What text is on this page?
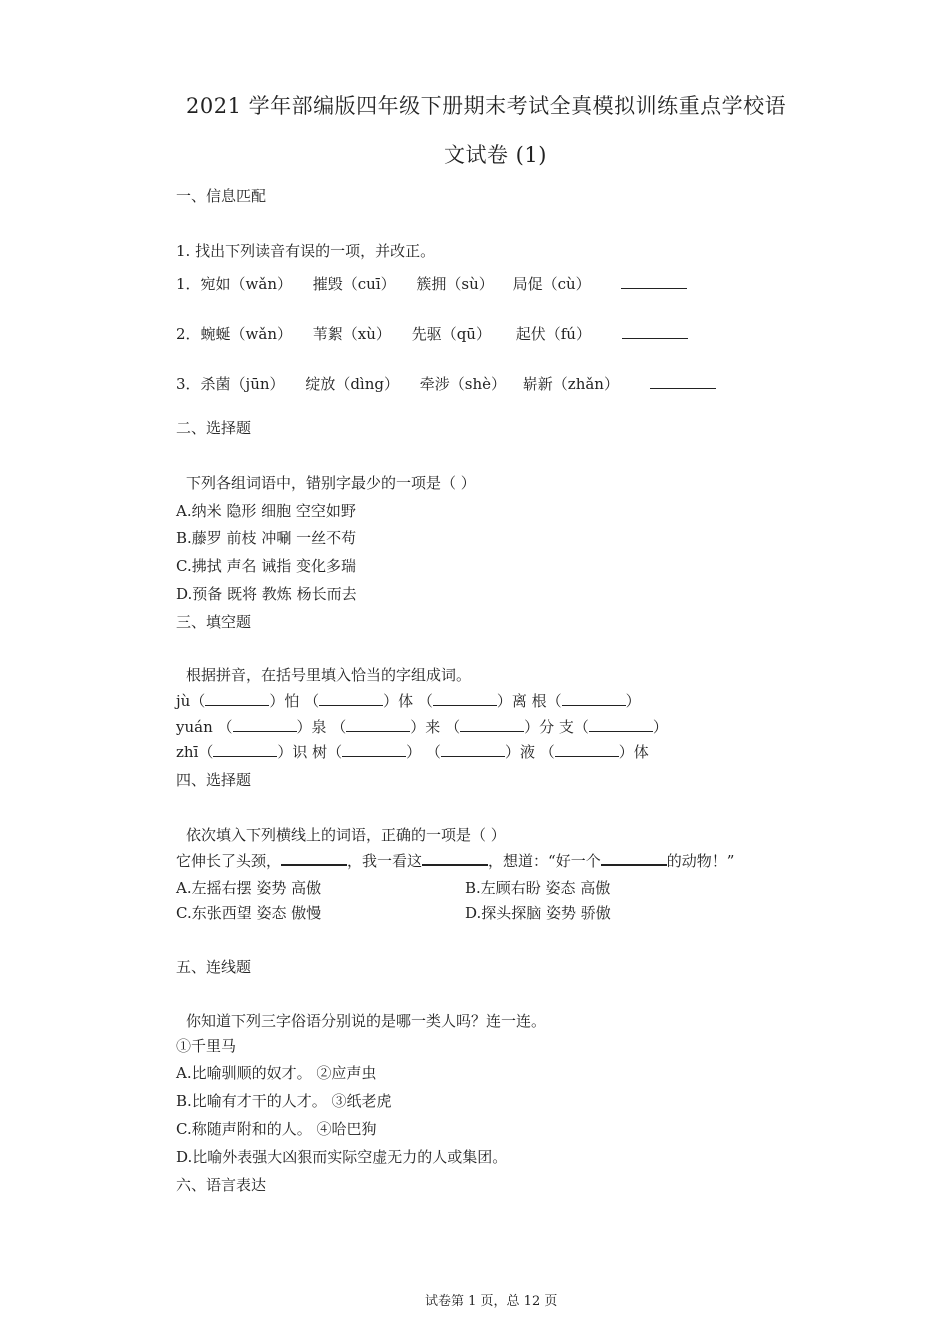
2021 学年部编版四年级下册期末考试全真模拟训练重点学校语
文试卷 (1)
一、信息匹配
1. 找出下列读音有误的一项，并改正。
1．宛如（wǎn） 摧毁（cuī） 簇拥（sù） 局促（cù）
2．蜿蜒（wǎn） 苇絮（xù） 先驱（qū） 起伏（fú）
3．杀菌（jūn） 绽放（dìng） 牵涉（shè） 崭新（zhǎn）
二、选择题
下列各组词语中，错别字最少的一项是（ ）
A.纳米 隐形 细胞 空空如野
B.藤罗 前枝 冲唰 一丝不苟
C.拂拭 声名 诫指 变化多瑞
D.预备 既将 教炼 杨长而去
三、填空题
根据拼音，在括号里填入恰当的字组成词。
jù（	）怕 （	）体 （	）离 根（	）
yuán （	）泉 （	）来 （	）分 支（	）
zhī（	）识 树（	） （	）液 （	）体
四、选择题
依次填入下列横线上的词语，正确的一项是（ ）
它伸长了头颈，	，我一看这	，想道：“好一个	的动物！”
A.左摇右摆 姿势 高傲	B.左顾右盼 姿态 高傲
C.东张西望 姿态 傲慢	D.探头探脑 姿势 骄傲
五、连线题
你知道下列三字俗语分别说的是哪一类人吗？连一连。
①千里马
A.比喻驯顺的奴才。 ②应声虫
B.比喻有才干的人才。 ③纸老虎
C.称随声附和的人。 ④哈巴狗
D.比喻外表强大凶狠而实际空虚无力的人或集团。
六、语言表达
试卷第 1 页，总 12 页
